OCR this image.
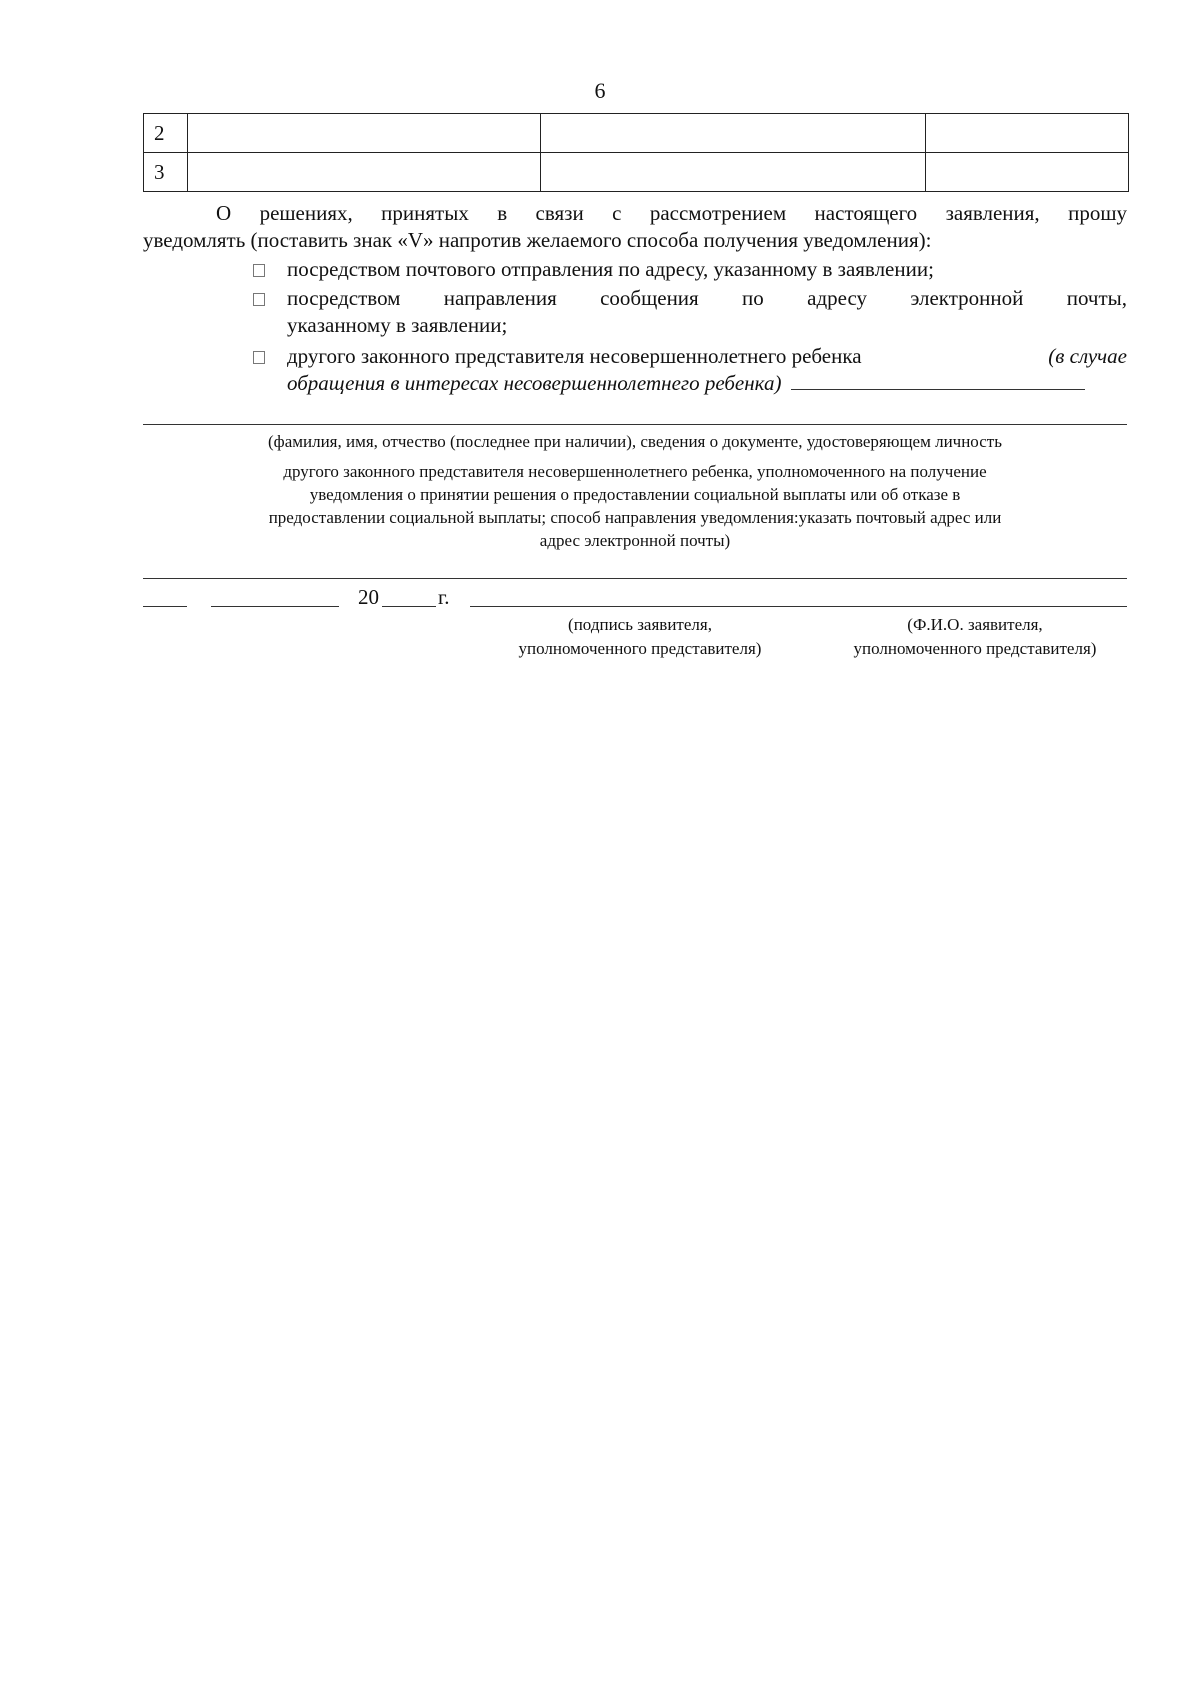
6
2			
3			
О решениях, принятых в связи с рассмотрением настоящего заявления, прошу
уведомлять (поставить знак «V» напротив желаемого способа получения уведомления):
посредством почтового отправления по адресу, указанному в заявлении;
посредством направления сообщения по адресу электронной почты,
указанному в заявлении;
другого законного представителя несовершеннолетнего ребенка	(в случае
обращения в интересах несовершеннолетнего ребенка)
(фамилия, имя, отчество (последнее при наличии), сведения о документе, удостоверяющем личность
другого законного представителя несовершеннолетнего ребенка, уполномоченного на получение
уведомления о принятии решения о предоставлении социальной выплаты или об отказе в
предоставлении социальной выплаты; способ направления уведомления:указать почтовый адрес или
адрес электронной почты)
20	г.
(подпись заявителя,
уполномоченного представителя)
(Ф.И.О. заявителя,
уполномоченного представителя)
